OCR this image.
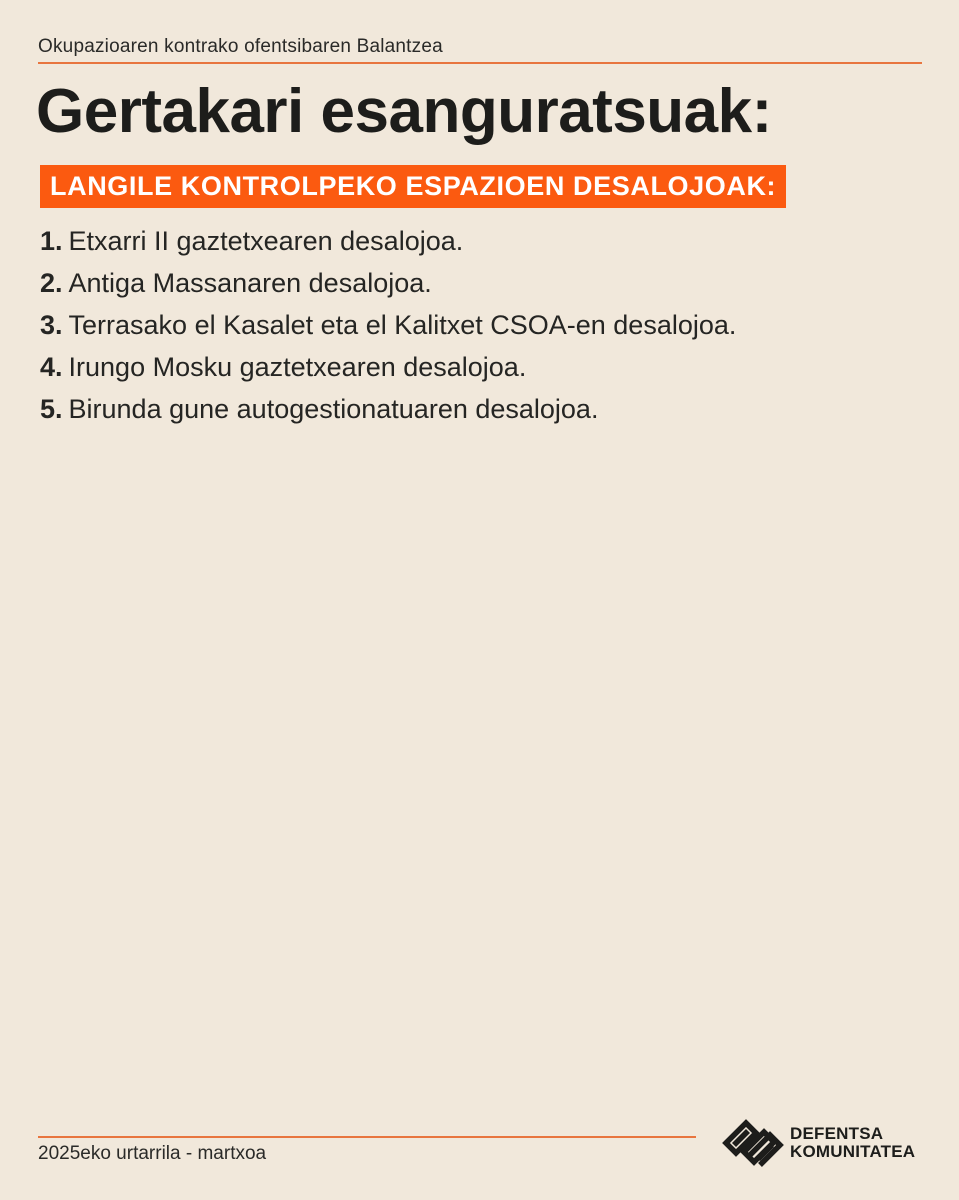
Okupazioaren kontrako ofentsibaren Balantzea
Gertakari esanguratsuak:
LANGILE KONTROLPEKO ESPAZIOEN DESALOJOAK:
1. Etxarri II gaztetxearen desalojoa.
2. Antiga Massanaren desalojoa.
3. Terrasako el Kasalet eta el Kalitxet CSOA-en desalojoa.
4. Irungo Mosku gaztetxearen desalojoa.
5. Birunda gune autogestionatuaren desalojoa.
2025eko urtarrila - martxoa
DEFENTSA
KOMUNITATEA
